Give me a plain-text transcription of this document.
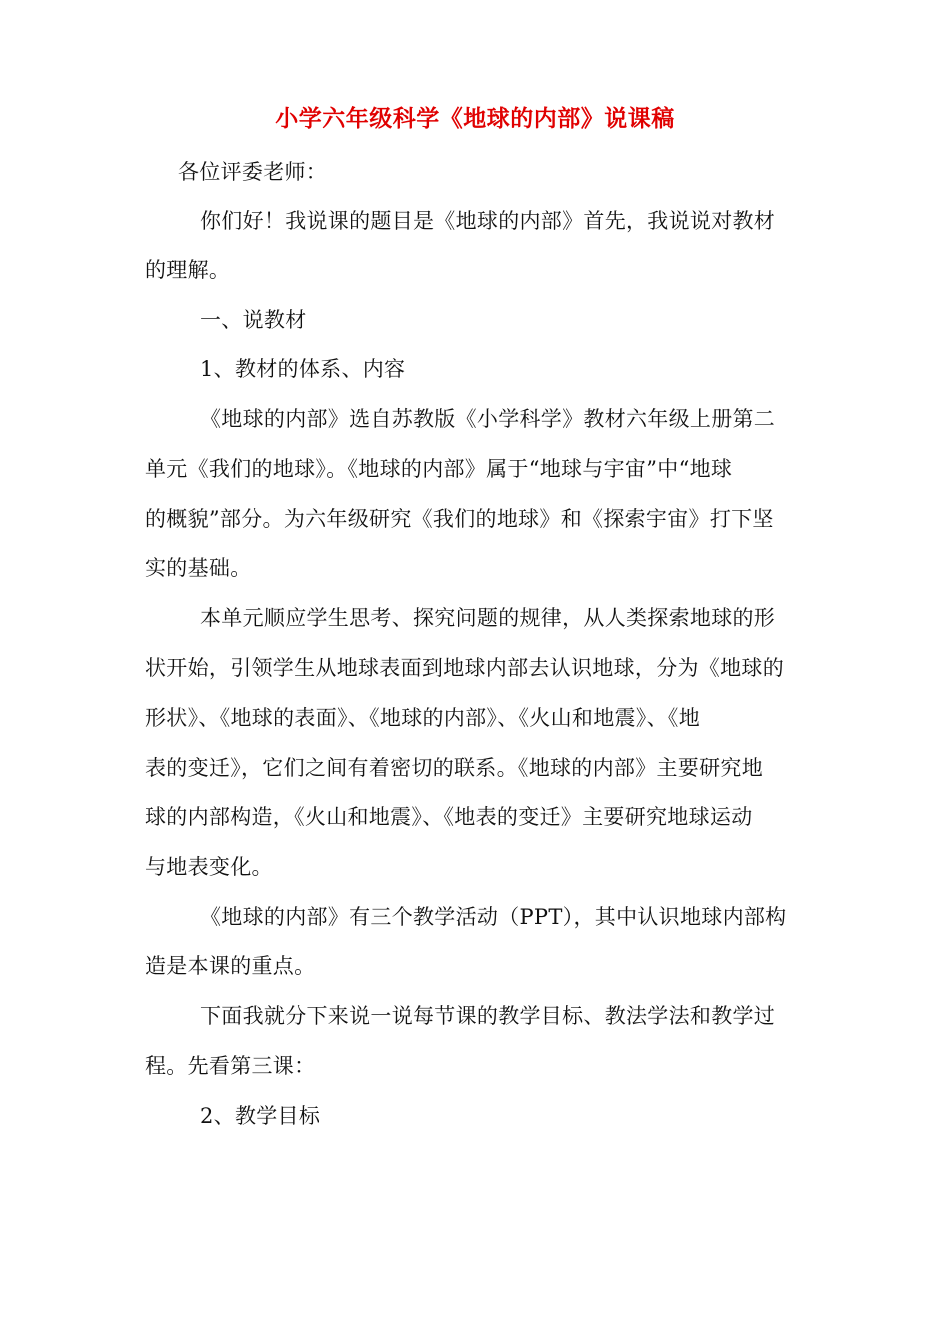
小学六年级科学《地球的内部》说课稿
各位评委老师：
你们好！我说课的题目是《地球的内部》首先，我说说对教材
的理解。
一、说教材
1、教材的体系、内容
《地球的内部》选自苏教版《小学科学》教材六年级上册第二
单元《我们的地球》。《地球的内部》属于“地球与宇宙”中“地球
的概貌”部分。为六年级研究《我们的地球》和《探索宇宙》打下坚
实的基础。
本单元顺应学生思考、探究问题的规律，从人类探索地球的形
状开始，引领学生从地球表面到地球内部去认识地球，分为《地球的
形状》、《地球的表面》、《地球的内部》、《火山和地震》、《地
表的变迁》，它们之间有着密切的联系。《地球的内部》主要研究地
球的内部构造，《火山和地震》、《地表的变迁》主要研究地球运动
与地表变化。
《地球的内部》有三个教学活动（PPT），其中认识地球内部构
造是本课的重点。
下面我就分下来说一说每节课的教学目标、教法学法和教学过
程。先看第三课：
2、教学目标
